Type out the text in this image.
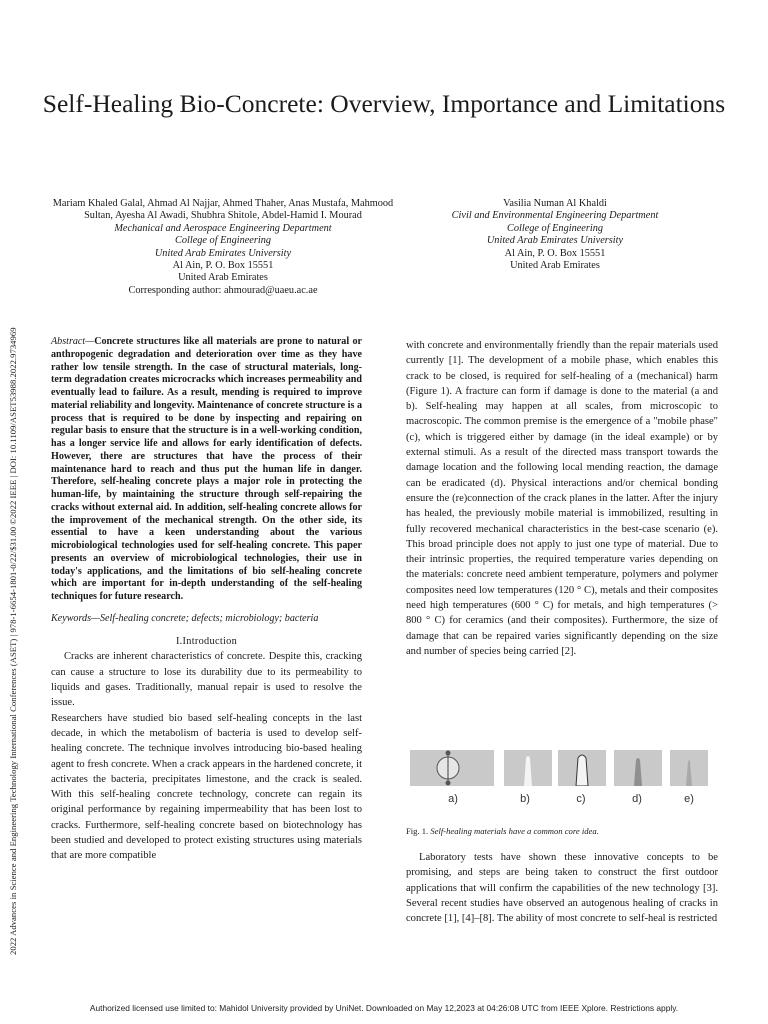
Self-Healing Bio-Concrete: Overview, Importance and Limitations
2022 Advances in Science and Engineering Technology International Conferences (ASET) | 978-1-6654-1801-0/22/$31.00 ©2022 IEEE | DOI: 10.1109/ASET53988.2022.9734969
Mariam Khaled Galal, Ahmad Al Najjar, Ahmed Thaher, Anas Mustafa, Mahmood Sultan, Ayesha Al Awadi, Shubhra Shitole, Abdel-Hamid I. Mourad
Mechanical and Aerospace Engineering Department
College of Engineering
United Arab Emirates University
Al Ain, P. O. Box 15551
United Arab Emirates
Corresponding author: ahmourad@uaeu.ac.ae
Vasilia Numan Al Khaldi
Civil and Environmental Engineering Department
College of Engineering
United Arab Emirates University
Al Ain, P. O. Box 15551
United Arab Emirates
Abstract—Concrete structures like all materials are prone to natural or anthropogenic degradation and deterioration over time as they have rather low tensile strength. In the case of structural materials, long-term degradation creates microcracks which increases permeability and eventually lead to failure. As a result, mending is required to improve material reliability and longevity. Maintenance of concrete structure is a process that is required to be done by inspecting and repairing on regular basis to ensure that the structure is in a well-working condition, has a longer service life and allows for early identification of defects. However, there are structures that have the process of their maintenance hard to reach and thus put the human life in danger. Therefore, self-healing concrete plays a major role in protecting the human-life, by maintaining the structure through self-repairing the cracks without external aid. In addition, self-healing concrete allows for the improvement of the mechanical strength. On the other side, its essential to have a keen understanding about the various microbiological technologies used for self-healing concrete. This paper presents an overview of microbiological technologies, their use in today's applications, and the limitations of bio self-healing concrete which are important for in-depth understanding of the self-healing techniques for future research.
Keywords—Self-healing concrete; defects; microbiology; bacteria
I.Introduction
Cracks are inherent characteristics of concrete. Despite this, cracking can cause a structure to lose its durability due to its permeability to liquids and gases. Traditionally, manual repair is used to resolve the issue.
Researchers have studied bio based self-healing concepts in the last decade, in which the metabolism of bacteria is used to develop self-healing concrete. The technique involves introducing bio-based healing agent to fresh concrete. When a crack appears in the hardened concrete, it activates the bacteria, precipitates limestone, and the crack is sealed. With this self-healing concrete technology, concrete can regain its original performance by regaining impermeability that has been lost to cracks. Furthermore, self-healing concrete based on biotechnology has been studied and developed to protect existing structures using materials that are more compatible
with concrete and environmentally friendly than the repair materials used currently [1]. The development of a mobile phase, which enables this crack to be closed, is required for self-healing of a (mechanical) harm (Figure 1). A fracture can form if damage is done to the material (a and b). Self-healing may happen at all scales, from microscopic to macroscopic. The common premise is the emergence of a "mobile phase" (c), which is triggered either by damage (in the ideal example) or by external stimuli. As a result of the directed mass transport towards the damage location and the following local mending reaction, the damage can be eradicated (d). Physical interactions and/or chemical bonding ensure the (re)connection of the crack planes in the latter. After the injury has healed, the previously mobile material is immobilized, resulting in fully recovered mechanical characteristics in the best-case scenario (e). This broad principle does not apply to just one type of material. Due to their intrinsic properties, the required temperature varies depending on the materials: concrete need ambient temperature, polymers and polymer composites need low temperatures (120 ° C), metals and their composites need high temperatures (600 ° C) for metals, and high temperatures (> 800 ° C) for ceramics (and their composites). Furthermore, the size of damage that can be repaired varies significantly depending on the size and number of species being carried [2].
a)	b)	c)	d)	e)
Fig. 1. Self-healing materials have a common core idea.
Laboratory tests have shown these innovative concepts to be promising, and steps are being taken to construct the first outdoor applications that will confirm the capabilities of the new technology [3]. Several recent studies have observed an autogenous healing of cracks in concrete [1], [4]–[8]. The ability of most concrete to self-heal is restricted
Authorized licensed use limited to: Mahidol University provided by UniNet. Downloaded on May 12,2023 at 04:26:08 UTC from IEEE Xplore. Restrictions apply.
